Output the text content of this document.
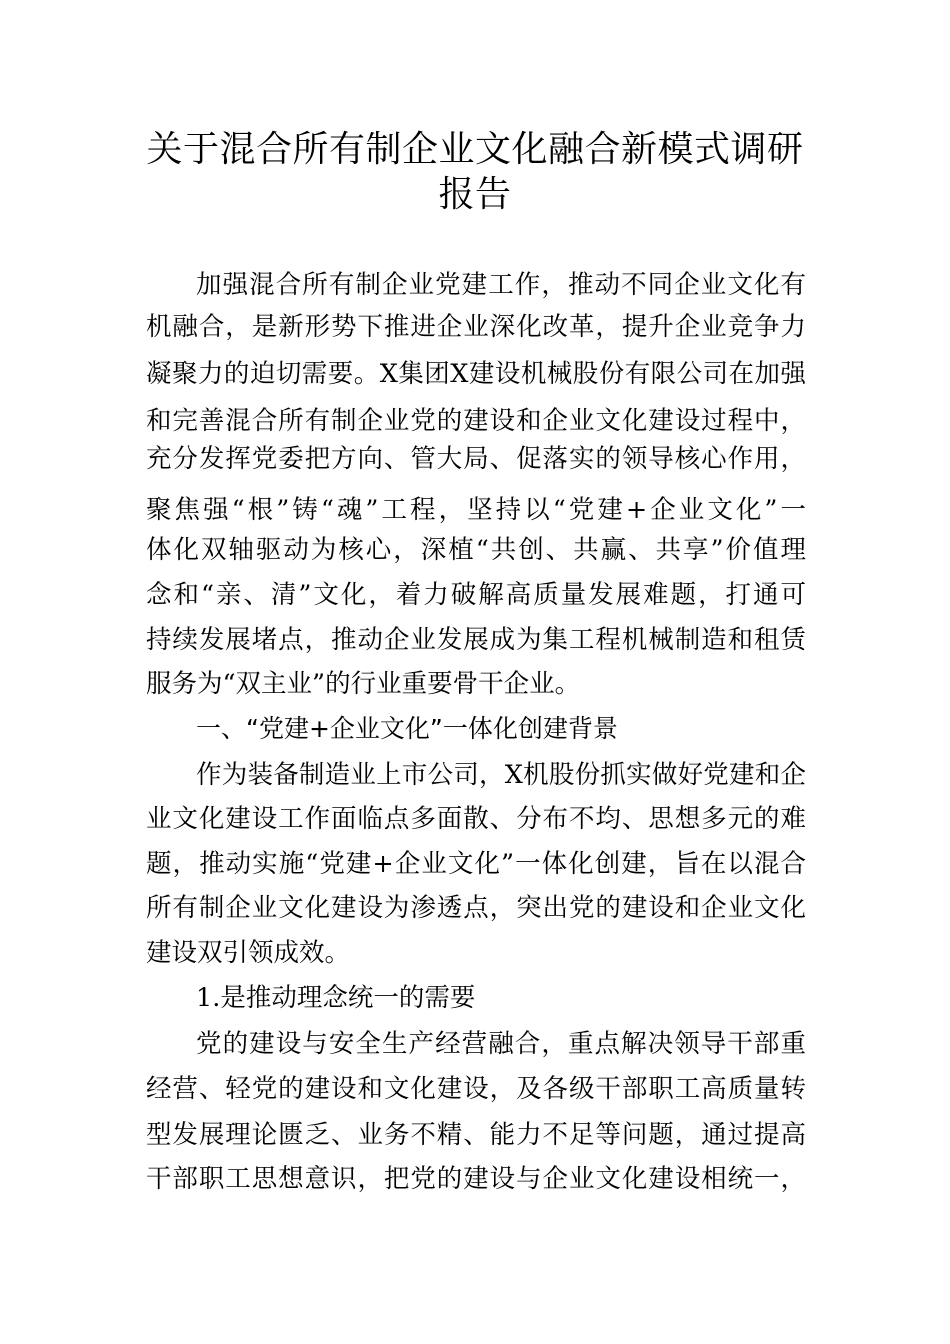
关于混合所有制企业文化融合新模式调研
报告
加强混合所有制企业党建工作，推动不同企业文化有
机融合，是新形势下推进企业深化改革，提升企业竞争力
凝聚力的迫切需要。X集团X建设机械股份有限公司在加强
和完善混合所有制企业党的建设和企业文化建设过程中，
充分发挥党委把方向、管大局、促落实的领导核心作用，
聚焦强“根”铸“魂”工程，坚持以“党建+企业文化”一
体化双轴驱动为核心，深植“共创、共赢、共享”价值理
念和“亲、清”文化，着力破解高质量发展难题，打通可
持续发展堵点，推动企业发展成为集工程机械制造和租赁
服务为“双主业”的行业重要骨干企业。
一、“党建+企业文化”一体化创建背景
作为装备制造业上市公司，X机股份抓实做好党建和企
业文化建设工作面临点多面散、分布不均、思想多元的难
题，推动实施“党建+企业文化”一体化创建，旨在以混合
所有制企业文化建设为渗透点，突出党的建设和企业文化
建设双引领成效。
1.是推动理念统一的需要
党的建设与安全生产经营融合，重点解决领导干部重
经营、轻党的建设和文化建设，及各级干部职工高质量转
型发展理论匮乏、业务不精、能力不足等问题，通过提高
干部职工思想意识，把党的建设与企业文化建设相统一，
